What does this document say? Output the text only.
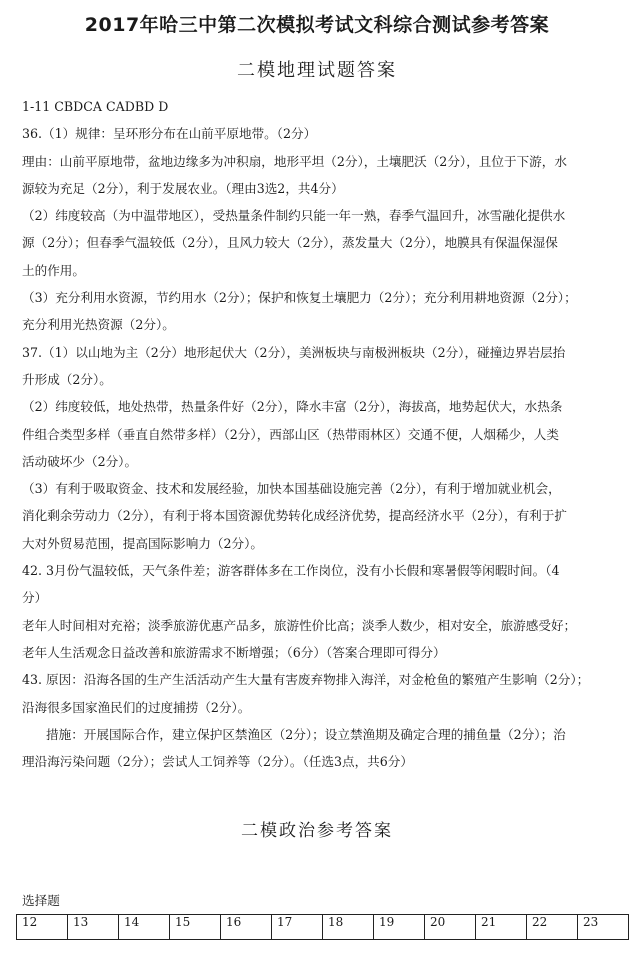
2017年哈三中第二次模拟考试文科综合测试参考答案
二模地理试题答案

1-11 CBDCA CADBD D

36.（1）规律：呈环形分布在山前平原地带。（2分）

理由：山前平原地带，盆地边缘多为冲积扇，地形平坦（2分），土壤肥沃（2分），且位于下游，水

源较为充足（2分），利于发展农业。（理由3选2，共4分）

（2）纬度较高（为中温带地区），受热量条件制约只能一年一熟，春季气温回升，冰雪融化提供水

源（2分）；但春季气温较低（2分），且风力较大（2分），蒸发量大（2分），地膜具有保温保湿保

土的作用。

（3）充分利用水资源，节约用水（2分）；保护和恢复土壤肥力（2分）；充分利用耕地资源（2分）；

充分利用光热资源（2分）。

37.（1）以山地为主（2分）地形起伏大（2分），美洲板块与南极洲板块（2分），碰撞边界岩层抬

升形成（2分）。

（2）纬度较低，地处热带，热量条件好（2分），降水丰富（2分），海拔高，地势起伏大，水热条

件组合类型多样（垂直自然带多样）（2分），西部山区（热带雨林区）交通不便，人烟稀少，人类

活动破坏少（2分）。

（3）有利于吸取资金、技术和发展经验，加快本国基础设施完善（2分），有利于增加就业机会，

消化剩余劳动力（2分），有利于将本国资源优势转化成经济优势，提高经济水平（2分），有利于扩

大对外贸易范围，提高国际影响力（2分）。

42. 3月份气温较低，天气条件差；游客群体多在工作岗位，没有小长假和寒暑假等闲暇时间。（4

分）

老年人时间相对充裕；淡季旅游优惠产品多，旅游性价比高；淡季人数少，相对安全，旅游感受好；

老年人生活观念日益改善和旅游需求不断增强；（6分）（答案合理即可得分）

43. 原因：沿海各国的生产生活活动产生大量有害废弃物排入海洋，对金枪鱼的繁殖产生影响（2分）；

沿海很多国家渔民们的过度捕捞（2分）。

措施：开展国际合作，建立保护区禁渔区（2分）；设立禁渔期及确定合理的捕鱼量（2分）；治

理沿海污染问题（2分）；尝试人工饲养等（2分）。（任选3点，共6分）

二模政治参考答案
选择题
12	13	14	15	16	17	18	19	20	21	22	23
